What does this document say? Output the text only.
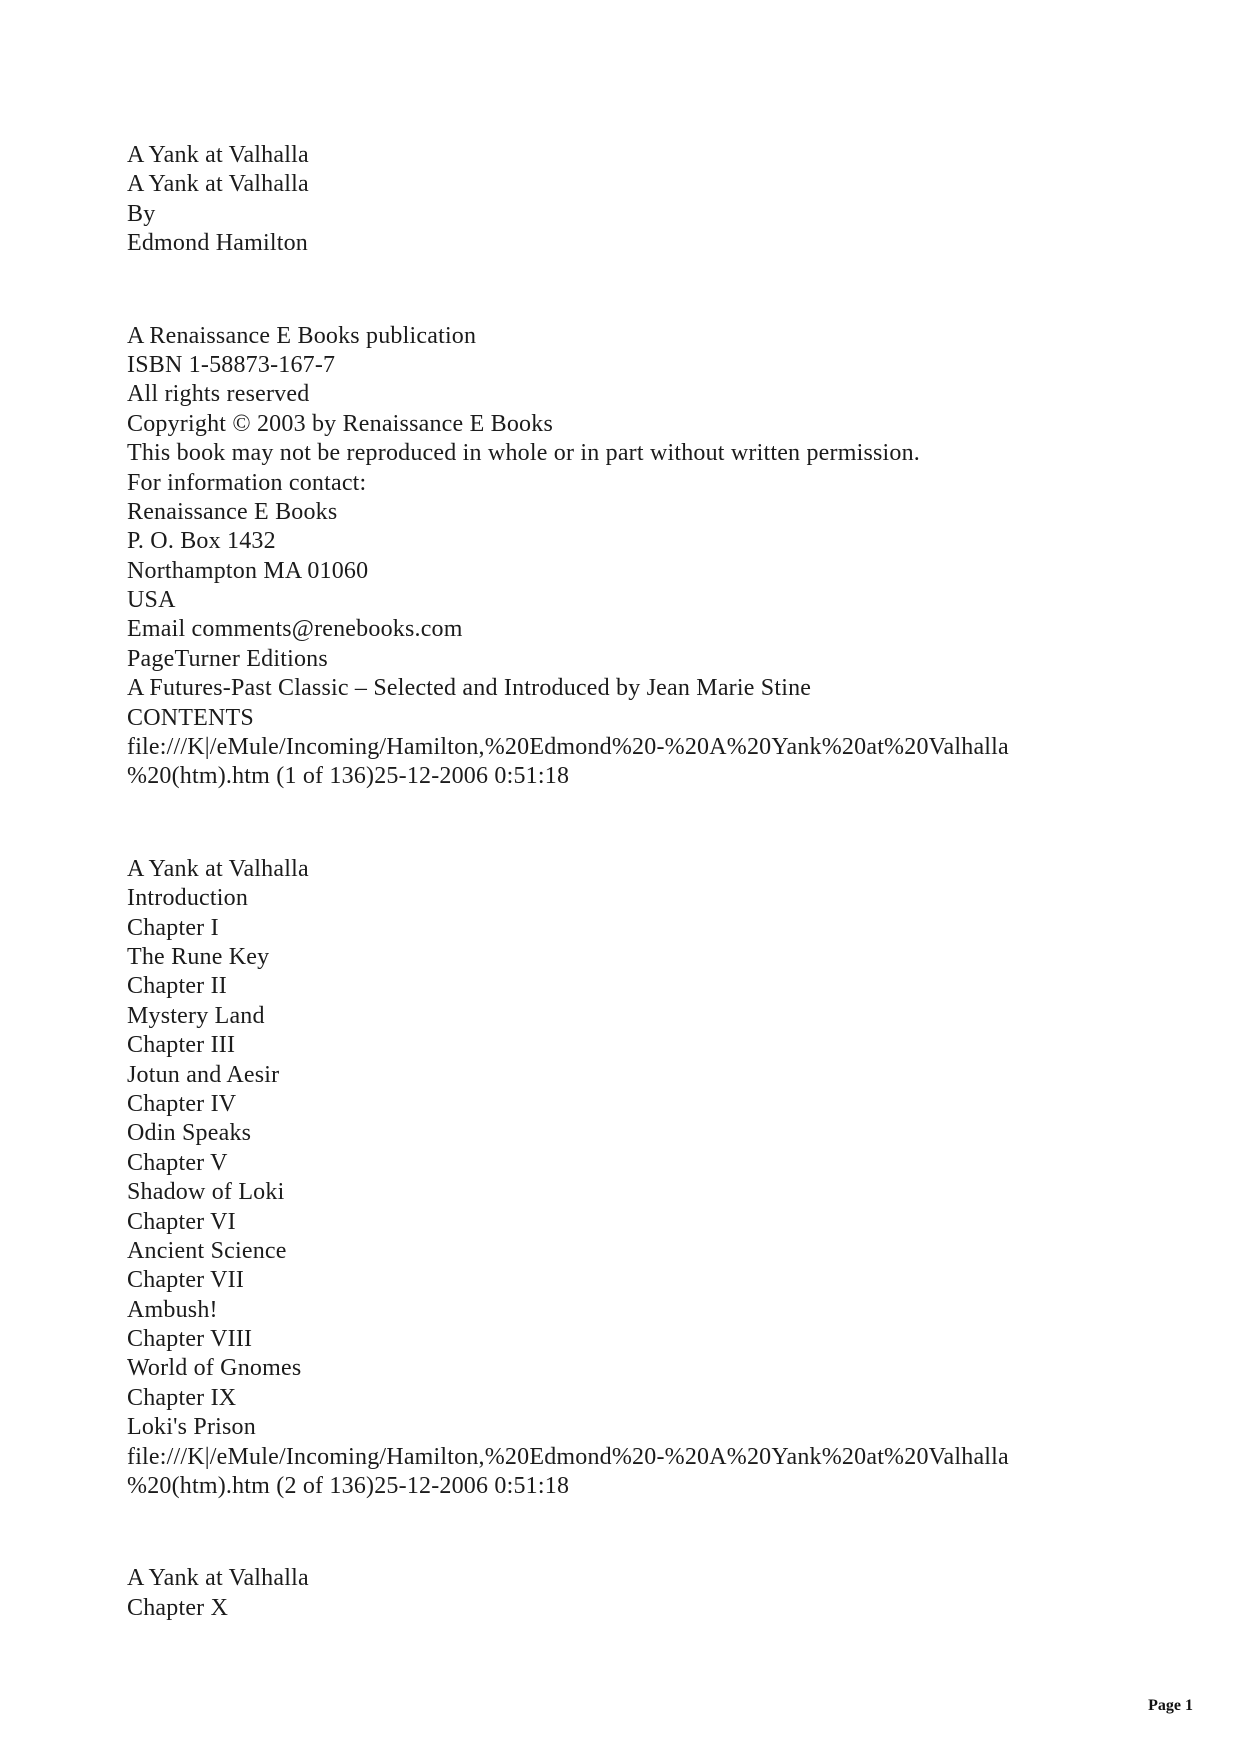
A Yank at Valhalla
A Yank at Valhalla
By
Edmond Hamilton
A Renaissance E Books publication
ISBN 1-58873-167-7
All rights reserved
Copyright © 2003 by Renaissance E Books
This book may not be reproduced in whole or in part without written permission.
For information contact:
Renaissance E Books
P. O. Box 1432
Northampton MA 01060
USA
Email comments@renebooks.com
PageTurner Editions
A Futures-Past Classic – Selected and Introduced by Jean Marie Stine
CONTENTS
file:///K|/eMule/Incoming/Hamilton,%20Edmond%20-%20A%20Yank%20at%20Valhalla
%20(htm).htm (1 of 136)25-12-2006 0:51:18
A Yank at Valhalla
Introduction
Chapter I
The Rune Key
Chapter II
Mystery Land
Chapter III
Jotun and Aesir
Chapter IV
Odin Speaks
Chapter V
Shadow of Loki
Chapter VI
Ancient Science
Chapter VII
Ambush!
Chapter VIII
World of Gnomes
Chapter IX
Loki's Prison
file:///K|/eMule/Incoming/Hamilton,%20Edmond%20-%20A%20Yank%20at%20Valhalla
%20(htm).htm (2 of 136)25-12-2006 0:51:18
A Yank at Valhalla
Chapter X
Page 1
